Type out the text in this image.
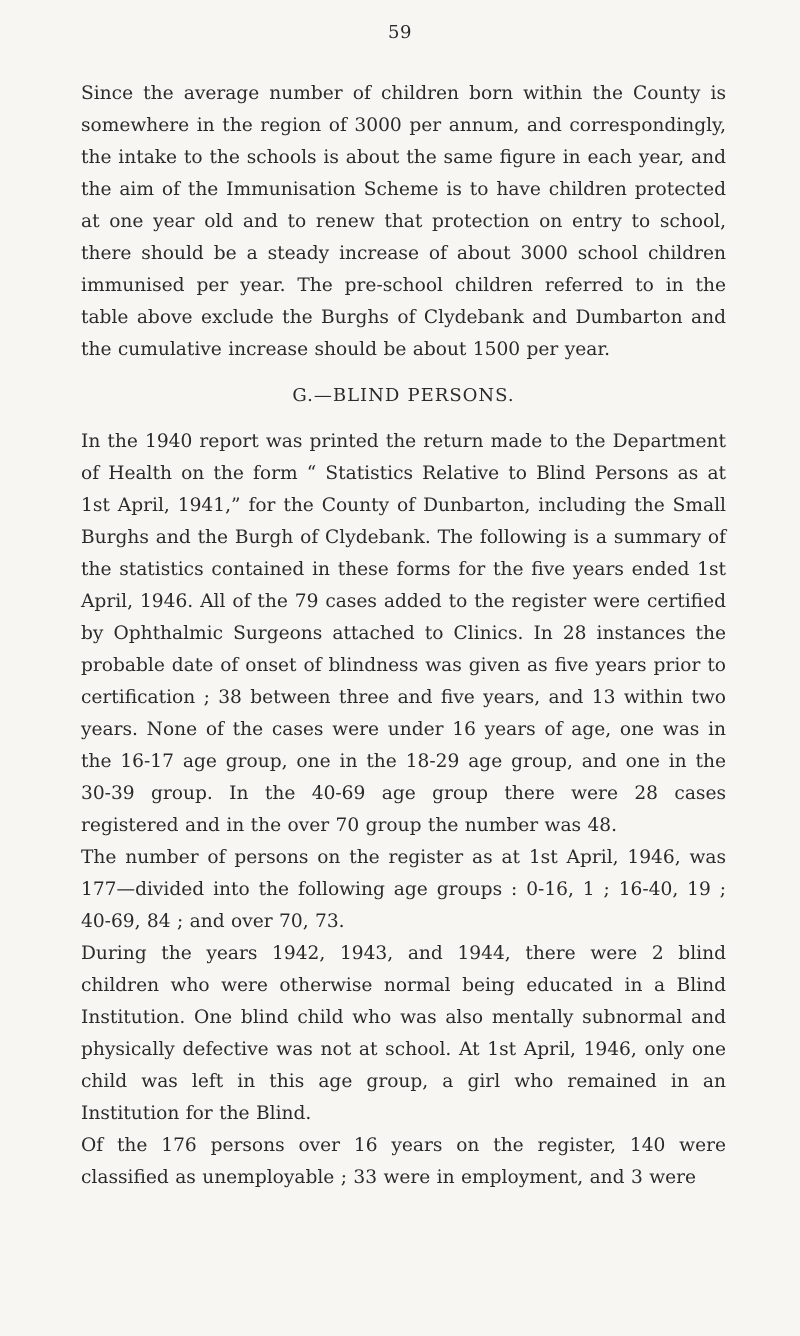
59

Since the average number of children born within the County is somewhere in the region of 3000 per annum, and correspondingly, the intake to the schools is about the same figure in each year, and the aim of the Immunisation Scheme is to have children protected at one year old and to renew that protection on entry to school, there should be a steady increase of about 3000 school children immunised per year. The pre-school children referred to in the table above exclude the Burghs of Clydebank and Dumbarton and the cumulative increase should be about 1500 per year.

G.—BLIND PERSONS.

In the 1940 report was printed the return made to the Department of Health on the form “ Statistics Relative to Blind Persons as at 1st April, 1941,” for the County of Dunbarton, including the Small Burghs and the Burgh of Clydebank. The following is a summary of the statistics contained in these forms for the five years ended 1st April, 1946. All of the 79 cases added to the register were certified by Ophthalmic Surgeons attached to Clinics. In 28 instances the probable date of onset of blindness was given as five years prior to certification ; 38 between three and five years, and 13 within two years. None of the cases were under 16 years of age, one was in the 16-17 age group, one in the 18-29 age group, and one in the 30-39 group. In the 40-69 age group there were 28 cases registered and in the over 70 group the number was 48.

The number of persons on the register as at 1st April, 1946, was 177—divided into the following age groups : 0-16, 1 ; 16-40, 19 ; 40-69, 84 ; and over 70, 73.

During the years 1942, 1943, and 1944, there were 2 blind children who were otherwise normal being educated in a Blind Institution. One blind child who was also mentally subnormal and physically defective was not at school. At 1st April, 1946, only one child was left in this age group, a girl who remained in an Institution for the Blind.

Of the 176 persons over 16 years on the register, 140 were classified as unemployable ; 33 were in employment, and 3 were
